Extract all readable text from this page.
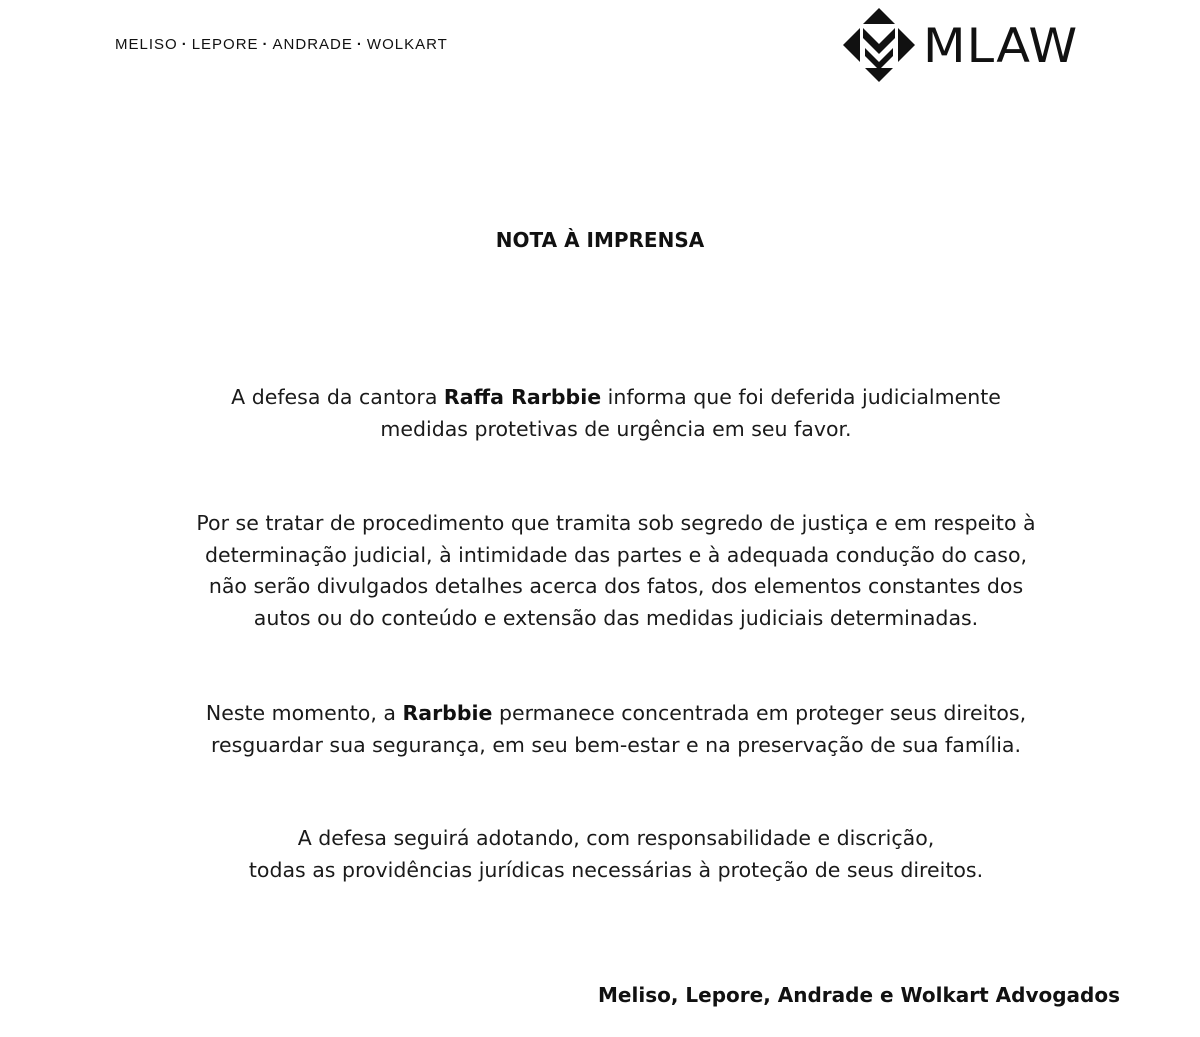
MELISO · LEPORE · ANDRADE · WOLKART	MLAW
NOTA À IMPRENSA
A defesa da cantora Raffa Rarbbie informa que foi deferida judicialmente
medidas protetivas de urgência em seu favor.
Por se tratar de procedimento que tramita sob segredo de justiça e em respeito à
determinação judicial, à intimidade das partes e à adequada condução do caso,
não serão divulgados detalhes acerca dos fatos, dos elementos constantes dos
autos ou do conteúdo e extensão das medidas judiciais determinadas.
Neste momento, a Rarbbie permanece concentrada em proteger seus direitos,
resguardar sua segurança, em seu bem-estar e na preservação de sua família.
A defesa seguirá adotando, com responsabilidade e discrição,
todas as providências jurídicas necessárias à proteção de seus direitos.
Meliso, Lepore, Andrade e Wolkart Advogados
